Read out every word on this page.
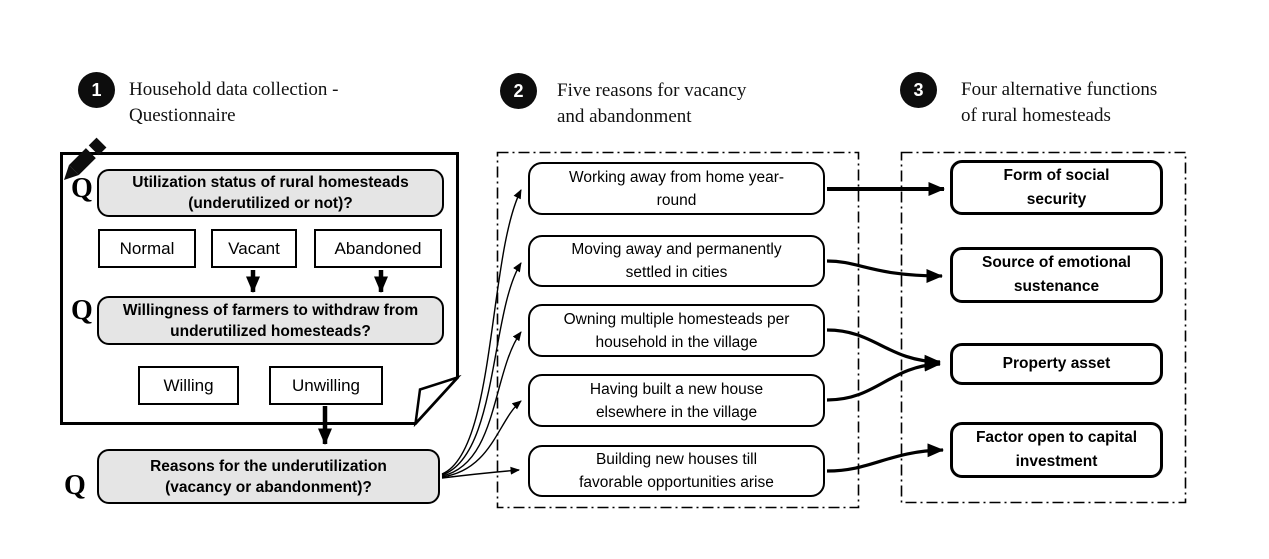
1 Household data collection -
Questionnaire
2 Five reasons for vacancy
and abandonment
3 Four alternative functions
of rural homesteads
Q
Q
Q
Utilization status of rural homesteads (underutilized or not)?
Normal	Vacant	Abandoned
Willingness of farmers to withdraw from underutilized homesteads?
Willing	Unwilling
Reasons for the underutilization (vacancy or abandonment)?
Working away from home year-round
Moving away and permanently settled in cities
Owning multiple homesteads per household in the village
Having built a new house elsewhere in the village
Building new houses till favorable opportunities arise
Form of social security
Source of emotional sustenance
Property asset
Factor open to capital investment
